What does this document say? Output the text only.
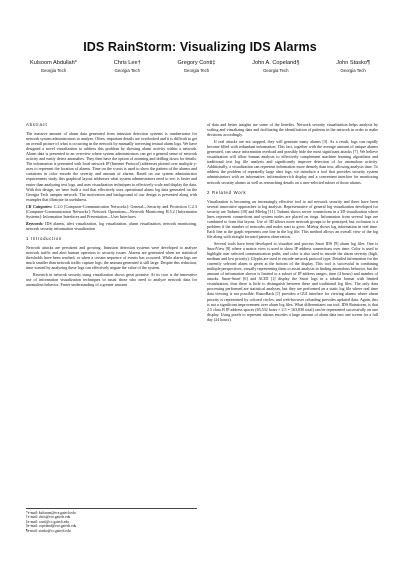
IDS RainStorm: Visualizing IDS Alarms
Kulsoom Abdullah*
Georgia Tech
Chris Lee†
Georgia Tech
Gregory Conti‡
Georgia Tech
John A. Copeland§
Georgia Tech
John Stasko¶
Georgia Tech
Abstract

The massive amount of alarm data generated from intrusion detection systems is cumbersome for network system administrators to analyze. Often, important details are overlooked and it is difficult to get an overall picture of what is occurring in the network by manually traversing textual alarm logs. We have designed a novel visualization to address this problem by showing alarm activity within a network. Alarm data is presented in an overview where system administrators can get a general sense of network activity and easily detect anomalies. They then have the option of zooming and drilling down for details. The information is presented with local network IP (Internet Protocol) addresses plotted over multiple y-axes to represent the location of alarms. Time on the x-axis is used to show the pattern of the alarms and variations in color encode the severity and amount of alarms. Based on our system administrator requirements study, this graphical layout addresses what system administrators need to see, is faster and easier than analyzing text logs, and uses visualization techniques to effectively scale and display the data. With this design, we have built a tool that effectively uses operational alarm log data generated on the Georgia Tech campus network. The motivation and background of our design is presented along with examples that illustrate its usefulness.

CR Categories: C.2.0 [Computer-Communication Networks]: General—Security and Protection C.2.3 [Computer-Communication Networks]: Network Operations—Network Monitoring H.5.2 [Information Systems]: Information Interfaces and Presentation—User Interfaces

Keywords: IDS alarms, alert visualization, log visualization, alarm visualization, network monitoring, network security information visualization

1 Introduction

Network attacks are persistent and growing. Intrusion detection systems were developed to analyze network traffic and alert human operators to security issues. Alarms are generated when set statistical thresholds have been reached, or when a certain sequence of events has occurred. While alarm logs are much smaller than network traffic capture logs, the amount generated is still large. Despite this reduction, time wasted by analyzing these logs can effectively negate the value of the system.

Research in network security using visualization shows great promise. At its core is the innovative use of information visualization techniques to assist those who need to analyze network data for anomalous behavior. Faster understanding of a greater amount

*e-mail: kulsoom@ece.gatech.edu
†e-mail: chris@ece.gatech.edu
‡e-mail: conti@cc.gatech.edu
§e-mail: copeland@ece.gatech.edu
¶e-mail: stasko@cc.gatech.edu

of data and better insights are some of the benefits. Network security visualization helps analysts by scaling and visualizing data and facilitating the identification of patterns in the network in order to make decisions accordingly.

If real attacks are not stopped, they will generate many alarms [3]. As a result, logs can rapidly become filled with redundant information. This fact, together with the average amount of unique alarms generated, can cause information overload and possibly hide the most significant attacks [7]. We believe visualization will allow human analysts to effectively complement machine learning algorithms and traditional text log file analysis and significantly improve detection of for anomalous activity. Additionally, a visualization can represent information more densely than text, allowing analysis time. To address the problem of repeatedly large alert logs, we introduce a tool that provides security system administrators with an informative, information-rich display and a convenient interface for monitoring network security alarms as well as researching details on a user-selected subset of those alarms.

2 Related Work

Visualization is becoming an increasingly effective tool to aid network security and there have been several innovative approaches to log analysis. Representative of general log visualization developed for security are Tudumi [10] and Mielog [11]. Tudumi shows server connections in a 3D visualization where lines represent connections and system nodes are placed on rings. Information from several logs are combined to form this layout. Use of 3D allows more network groups to be portrayed, but occlusion is a problem if the number of networks and nodes start to grow. Mielog shows log information in real time. Each line at the graph represents one line in the log file. This method allows an overall view of the log file along with straight forward pattern observation.

Several tools have been developed to visualize and process Snort IDS [9] alarm log files. One is SnortView [8] where a matrix view is used to show IP address connections over time. Color is used to highlight user selected communication paths, and color is also used to encode the alarm severity (high, medium and low priority). Glyphs are used to encode network protocol type. Detailed information for the currently selected alarm is given at the bottom of the display. This tool is successful in combining multiple perspectives, visually representing them to assist analysts in finding anomalous behavior, but the amount of information shown is limited to a subset of IP address ranges, time (4 hours) and number of attacks. Snort-Snarf [6] and ACID [1] display the Snort logs in a tabular format with limited visualization, thus there is little to distinguish between these and traditional log files. The only data processing performed are statistical analyses, but they are performed on a static log file where real time data viewing is not possible. RazorBack [1] provides a GUI interface for viewing alarms where alarm priority is represented by colored circles, and web-browser reloading provides updated data. Again, this is not a significant improvement over alarm log files. What differentiates our tool, IDS Rainstorm, is that 2.5 class B IP address spaces (65,532 hosts × 2.5 = 163,830 total) can be represented successfully on one display. Using pixels to represent alarms encodes a large amount of alarm data into one screen for a full day (24 hours).
